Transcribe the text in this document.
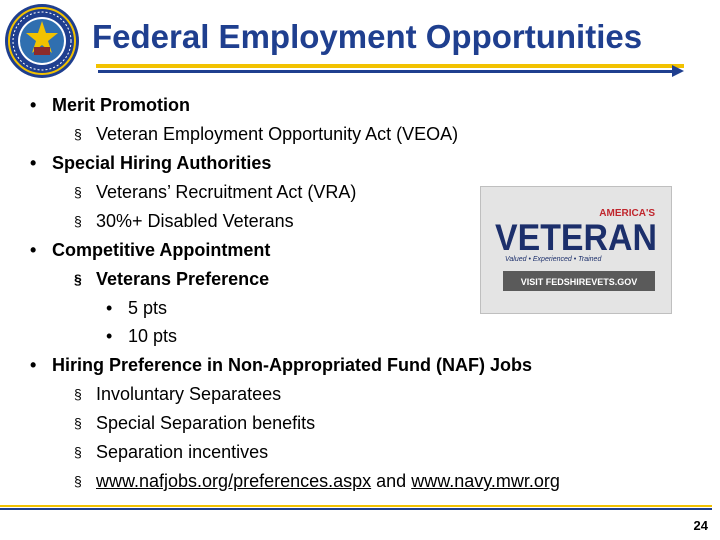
Federal Employment Opportunities
• Merit Promotion
§ Veteran Employment Opportunity Act (VEOA)
• Special Hiring Authorities
§ Veterans’ Recruitment Act (VRA)
§ 30%+ Disabled Veterans
• Competitive Appointment
§ Veterans Preference
• 5 pts
• 10 pts
• Hiring Preference in Non-Appropriated Fund (NAF) Jobs
§ Involuntary Separatees
§ Special Separation benefits
§ Separation incentives
§ www.nafjobs.org/preferences.aspx and www.navy.mwr.org
AMERICA'S
VETERAN
Valued • Experienced • Trained
VISIT FEDSHIREVETS.GOV
24
